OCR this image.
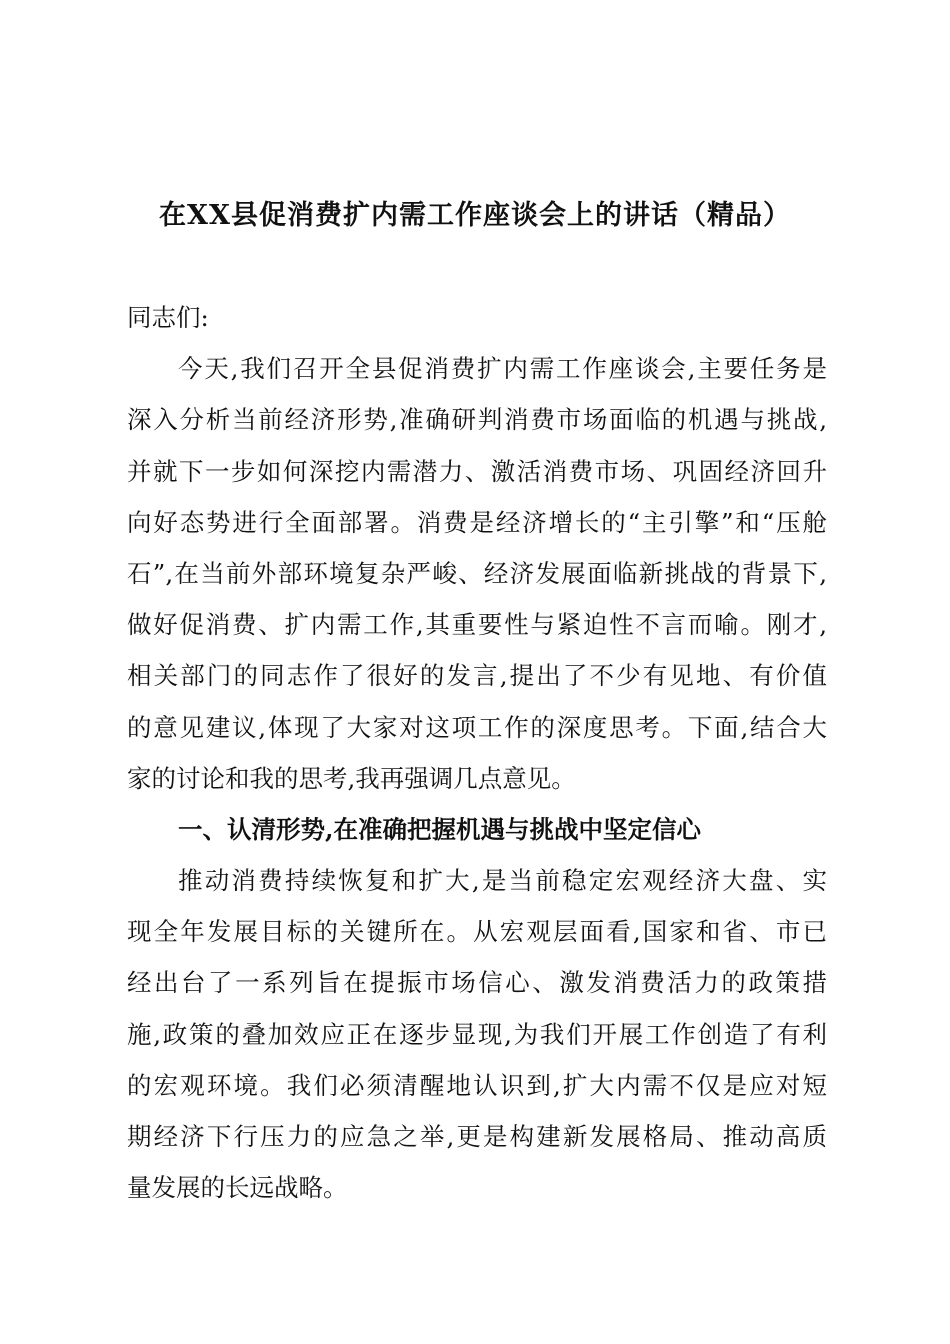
在XX县促消费扩内需工作座谈会上的讲话（精品）
同志们:
今天,我们召开全县促消费扩内需工作座谈会,主要任务是
深入分析当前经济形势,准确研判消费市场面临的机遇与挑战,
并就下一步如何深挖内需潜力、激活消费市场、巩固经济回升
向好态势进行全面部署。消费是经济增长的“主引擎”和“压舱
石”,在当前外部环境复杂严峻、经济发展面临新挑战的背景下,
做好促消费、扩内需工作,其重要性与紧迫性不言而喻。刚才,
相关部门的同志作了很好的发言,提出了不少有见地、有价值
的意见建议,体现了大家对这项工作的深度思考。下面,结合大
家的讨论和我的思考,我再强调几点意见。
一、认清形势,在准确把握机遇与挑战中坚定信心
推动消费持续恢复和扩大,是当前稳定宏观经济大盘、实
现全年发展目标的关键所在。从宏观层面看,国家和省、市已
经出台了一系列旨在提振市场信心、激发消费活力的政策措
施,政策的叠加效应正在逐步显现,为我们开展工作创造了有利
的宏观环境。我们必须清醒地认识到,扩大内需不仅是应对短
期经济下行压力的应急之举,更是构建新发展格局、推动高质
量发展的长远战略。
